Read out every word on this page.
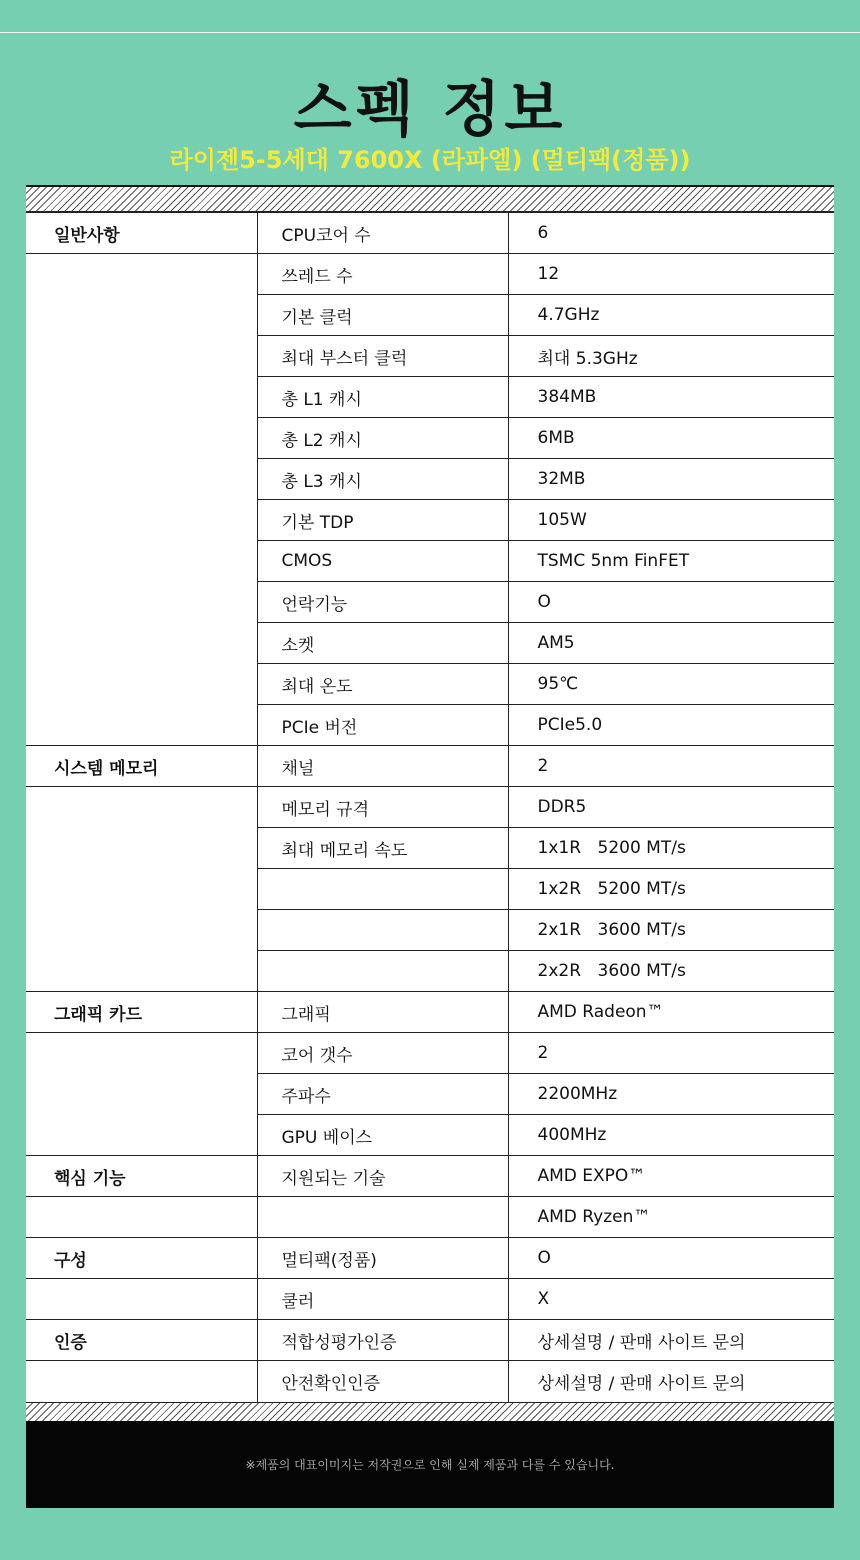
스펙 정보
라이젠5-5세대 7600X (라파엘) (멀티팩(정품))
일반사항	CPU코어 수	6
	쓰레드 수	12
	기본 클럭	4.7GHz
	최대 부스터 클럭	최대 5.3GHz
	총 L1 캐시	384MB
	총 L2 캐시	6MB
	총 L3 캐시	32MB
	기본 TDP	105W
	CMOS	TSMC 5nm FinFET
	언락기능	O
	소켓	AM5
	최대 온도	95℃
	PCIe 버전	PCIe5.0
시스템 메모리	채널	2
	메모리 규격	DDR5
	최대 메모리 속도	1x1R 5200 MT/s
		1x2R 5200 MT/s
		2x1R 3600 MT/s
		2x2R 3600 MT/s
그래픽 카드	그래픽	AMD Radeon™
	코어 갯수	2
	주파수	2200MHz
	GPU 베이스	400MHz
핵심 기능	지원되는 기술	AMD EXPO™
		AMD Ryzen™
구성	멀티팩(정품)	O
	쿨러	X
인증	적합성평가인증	상세설명 / 판매 사이트 문의
	안전확인인증	상세설명 / 판매 사이트 문의
※제품의 대표이미지는 저작권으로 인해 실제 제품과 다를 수 있습니다.
